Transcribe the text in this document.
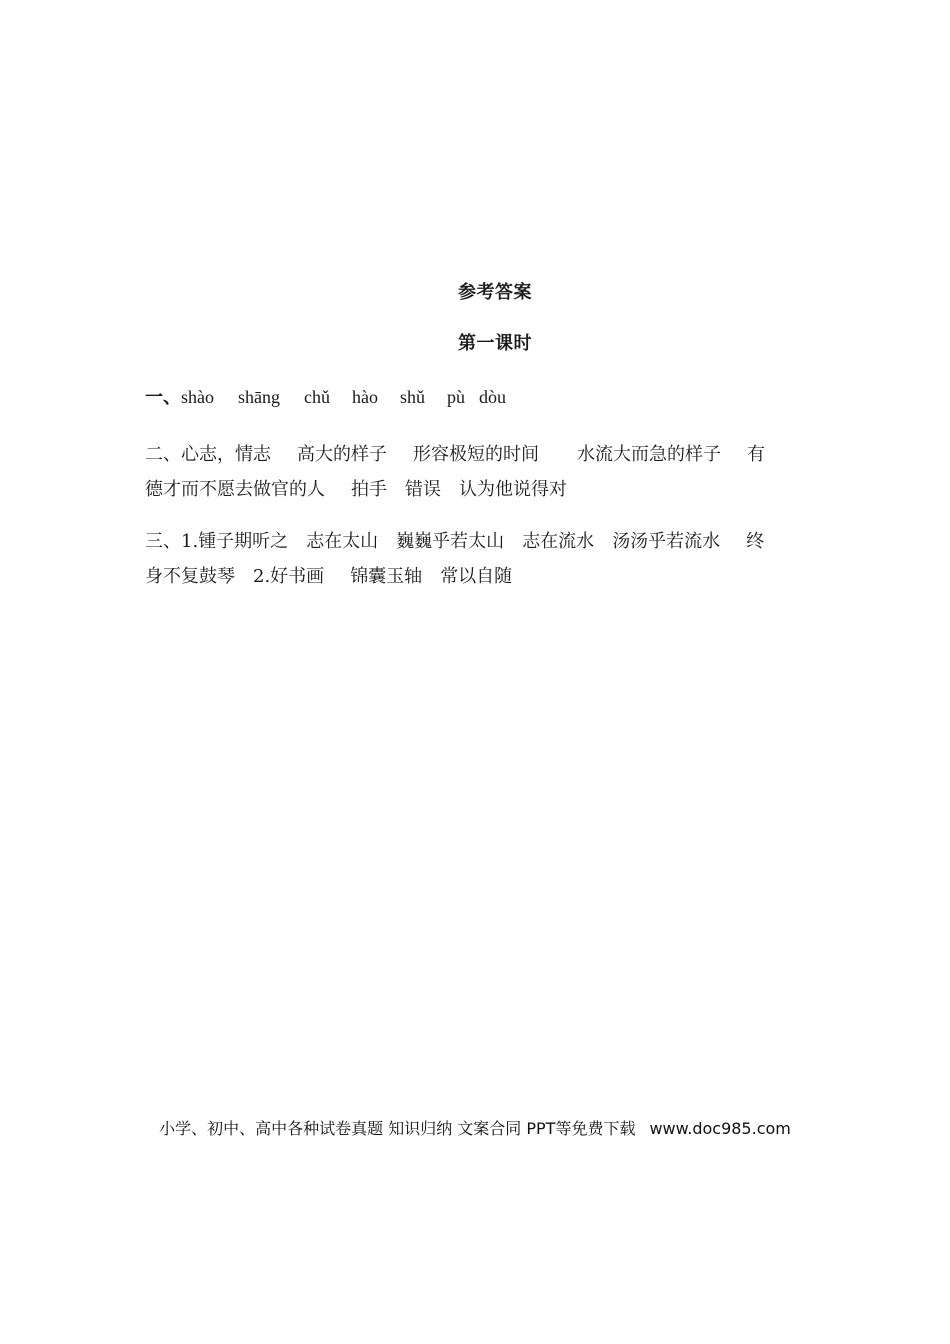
参考答案
第一课时
一、shào shāng chǔ hào shǔ pù dòu
二、心志，情志 高大的样子 形容极短的时间 水流大而急的样子 有
德才而不愿去做官的人 拍手 错误 认为他说得对
三、1.锺子期听之 志在太山 巍巍乎若太山 志在流水 汤汤乎若流水 终
身不复鼓琴 2.好书画 锦囊玉轴 常以自随
小学、初中、高中各种试卷真题 知识归纳 文案合同 PPT等免费下载 www.doc985.com
